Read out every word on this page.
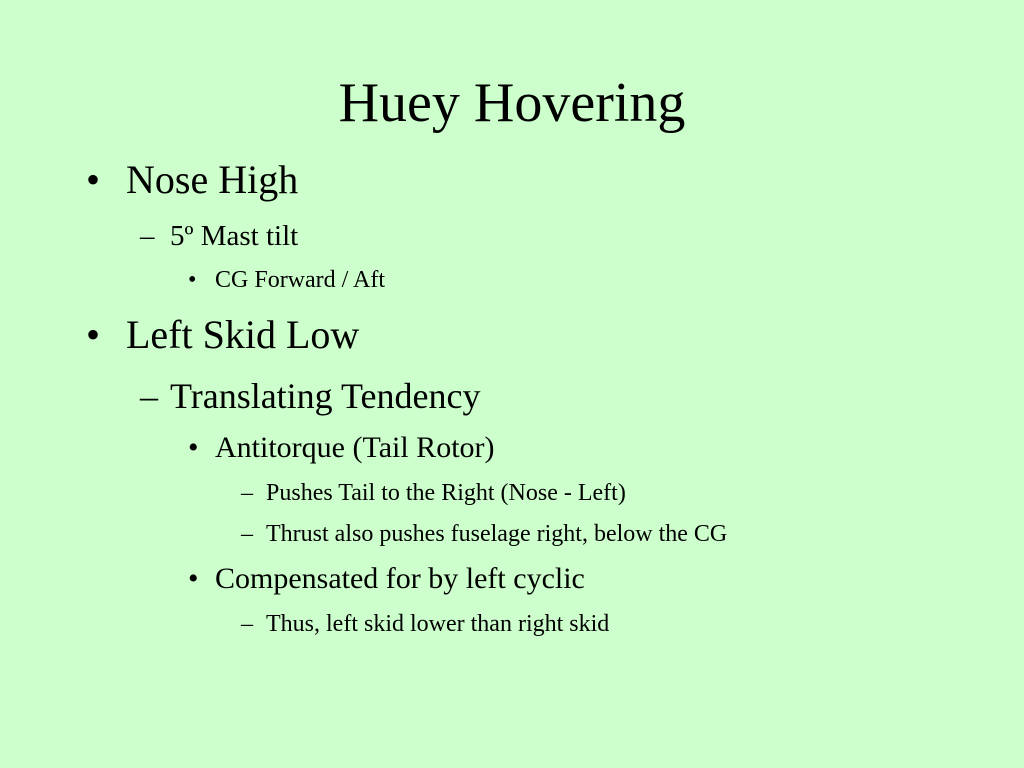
Huey Hovering
• Nose High
– 5º Mast tilt
• CG Forward / Aft
• Left Skid Low
– Translating Tendency
• Antitorque (Tail Rotor)
– Pushes Tail to the Right (Nose - Left)
– Thrust also pushes fuselage right, below the CG
• Compensated for by left cyclic
– Thus, left skid lower than right skid
